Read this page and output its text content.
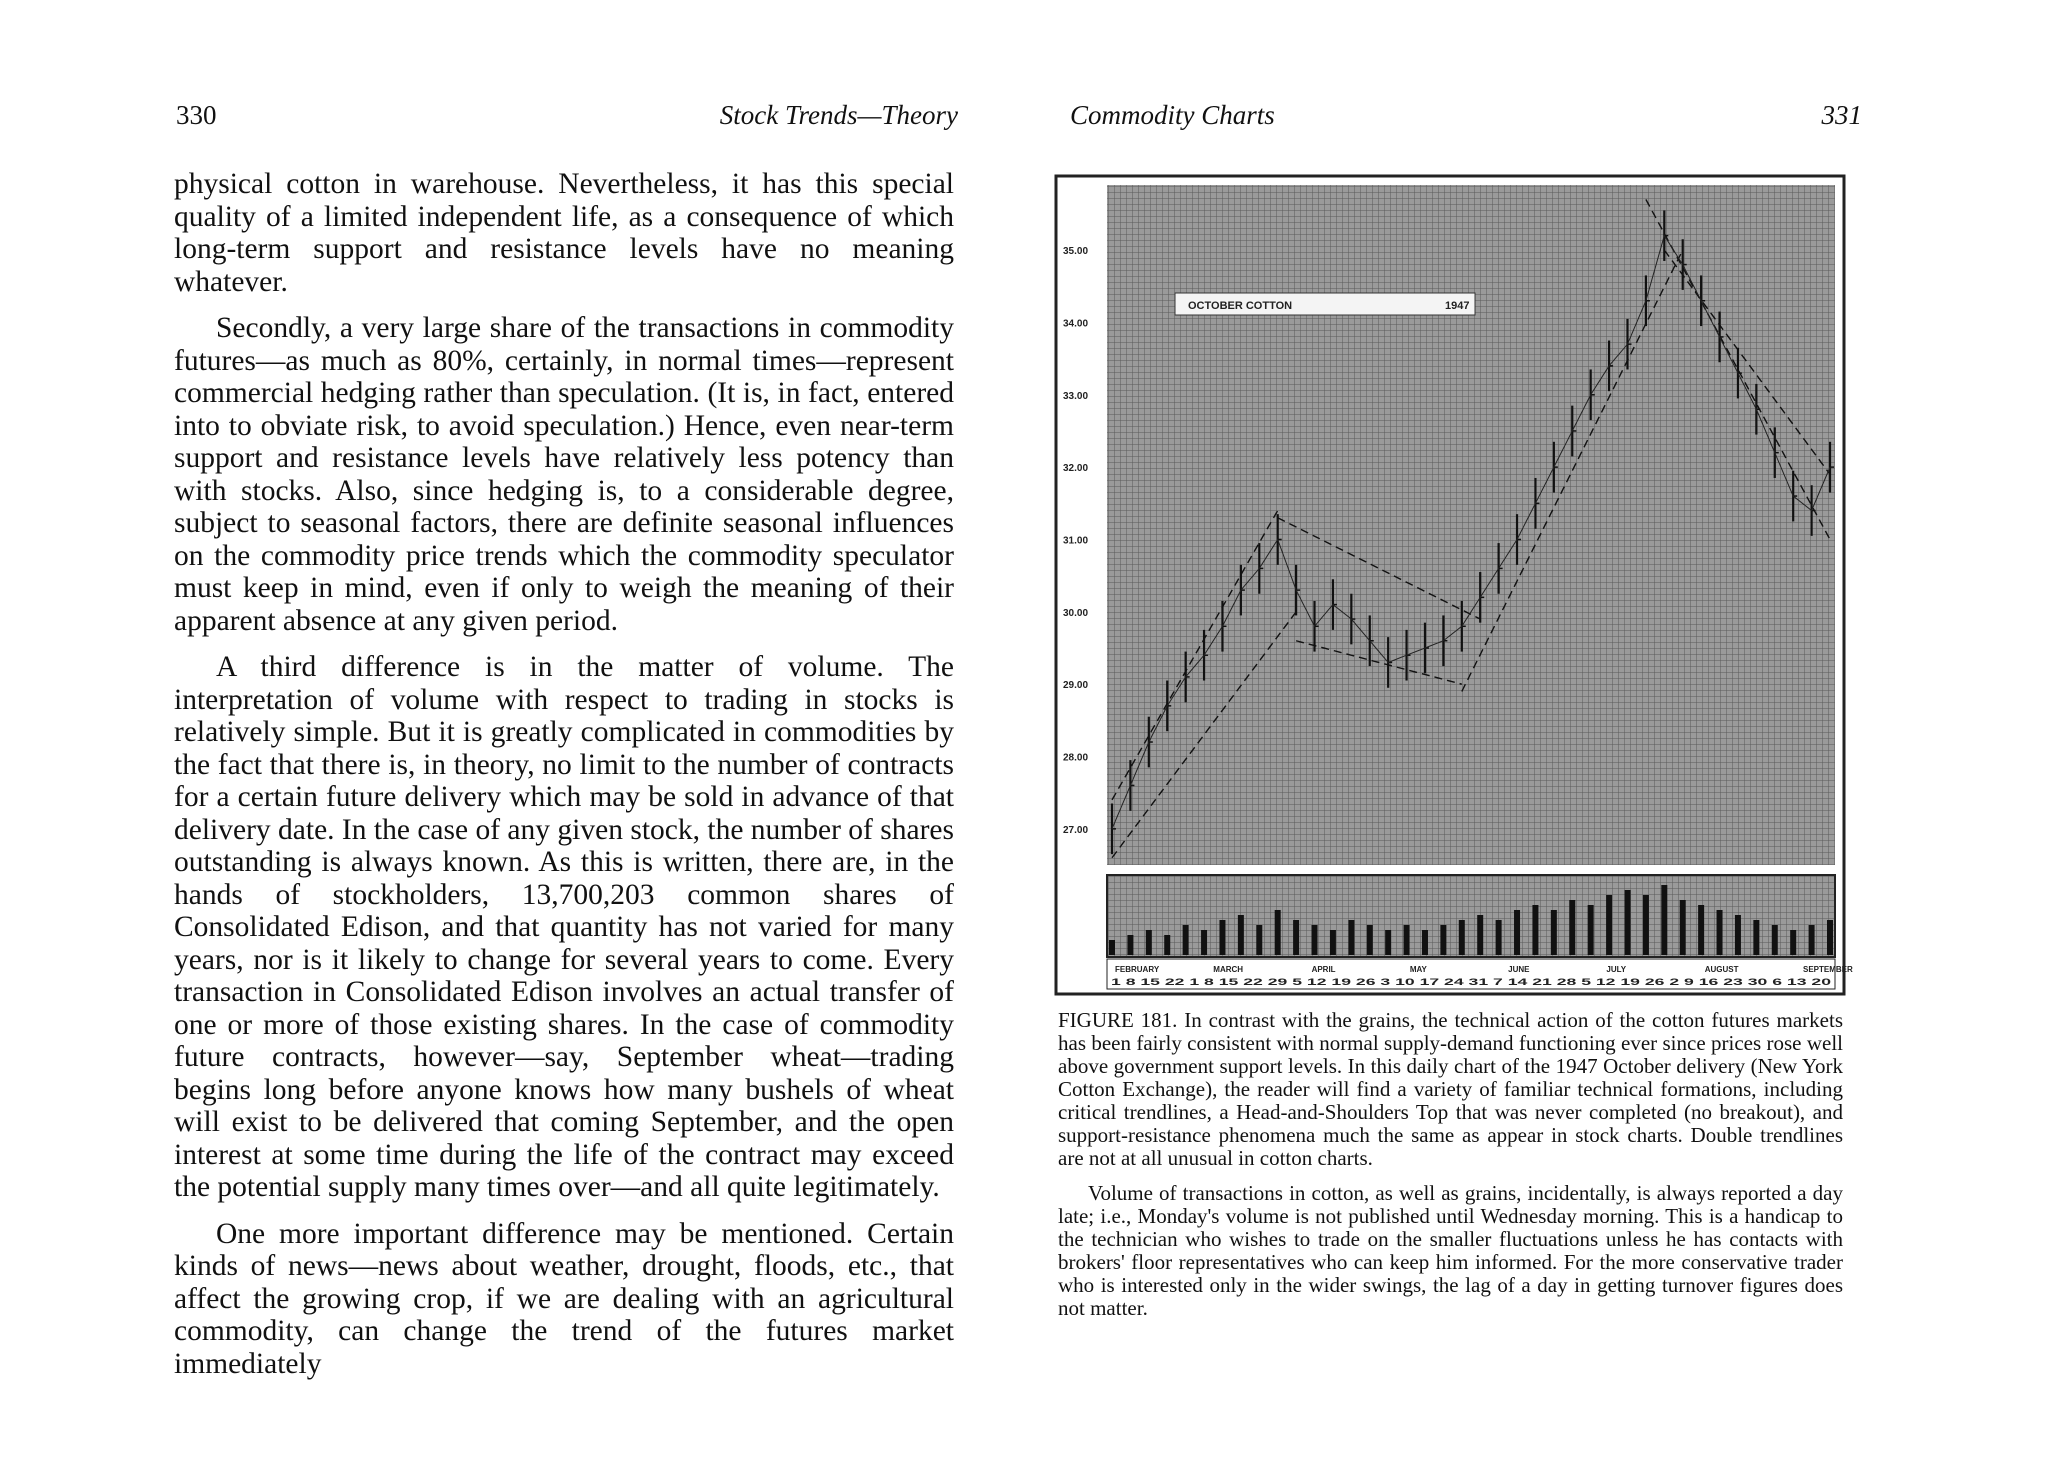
330	Stock Trends—Theory

physical cotton in warehouse. Nevertheless, it has this special quality of a limited independent life, as a consequence of which long-term support and resistance levels have no meaning whatever.

Secondly, a very large share of the transactions in commodity futures—as much as 80%, certainly, in normal times—represent commercial hedging rather than speculation. (It is, in fact, entered into to obviate risk, to avoid speculation.) Hence, even near-term support and resistance levels have relatively less potency than with stocks. Also, since hedging is, to a considerable degree, subject to seasonal factors, there are definite seasonal influences on the commodity price trends which the commodity speculator must keep in mind, even if only to weigh the meaning of their apparent absence at any given period.

A third difference is in the matter of volume. The interpretation of volume with respect to trading in stocks is relatively simple. But it is greatly complicated in commodities by the fact that there is, in theory, no limit to the number of contracts for a certain future delivery which may be sold in advance of that delivery date. In the case of any given stock, the number of shares outstanding is always known. As this is written, there are, in the hands of stockholders, 13,700,203 common shares of Consolidated Edison, and that quantity has not varied for many years, nor is it likely to change for several years to come. Every transaction in Consolidated Edison involves an actual transfer of one or more of those existing shares. In the case of commodity future contracts, however—say, September wheat—trading begins long before anyone knows how many bushels of wheat will exist to be delivered that coming September, and the open interest at some time during the life of the contract may exceed the potential supply many times over—and all quite legitimately.

One more important difference may be mentioned. Certain kinds of news—news about weather, drought, floods, etc., that affect the growing crop, if we are dealing with an agricultural commodity, can change the trend of the futures market immediately

Commodity Charts	331
35.00
34.00
33.00
32.00
31.00
30.00
29.00
28.00
27.00
OCTOBER COTTON	1947
FEBRUARY	MARCH	APRIL	MAY	JUNE	JULY	AUGUST	SEPTEMBER
1 8 15 22 1 8 15 22 29 5 12 19 26 3 10 17 24 31 7 14 21 28 5 12 19 26 2 9 16 23 30 6 13 20

FIGURE 181. In contrast with the grains, the technical action of the cotton futures markets has been fairly consistent with normal supply-demand functioning ever since prices rose well above government support levels. In this daily chart of the 1947 October delivery (New York Cotton Exchange), the reader will find a variety of familiar technical formations, including critical trendlines, a Head-and-Shoulders Top that was never completed (no breakout), and support-resistance phenomena much the same as appear in stock charts. Double trendlines are not at all unusual in cotton charts.

Volume of transactions in cotton, as well as grains, incidentally, is always reported a day late; i.e., Monday's volume is not published until Wednesday morning. This is a handicap to the technician who wishes to trade on the smaller fluctuations unless he has contacts with brokers' floor representatives who can keep him informed. For the more conservative trader who is interested only in the wider swings, the lag of a day in getting turnover figures does not matter.
